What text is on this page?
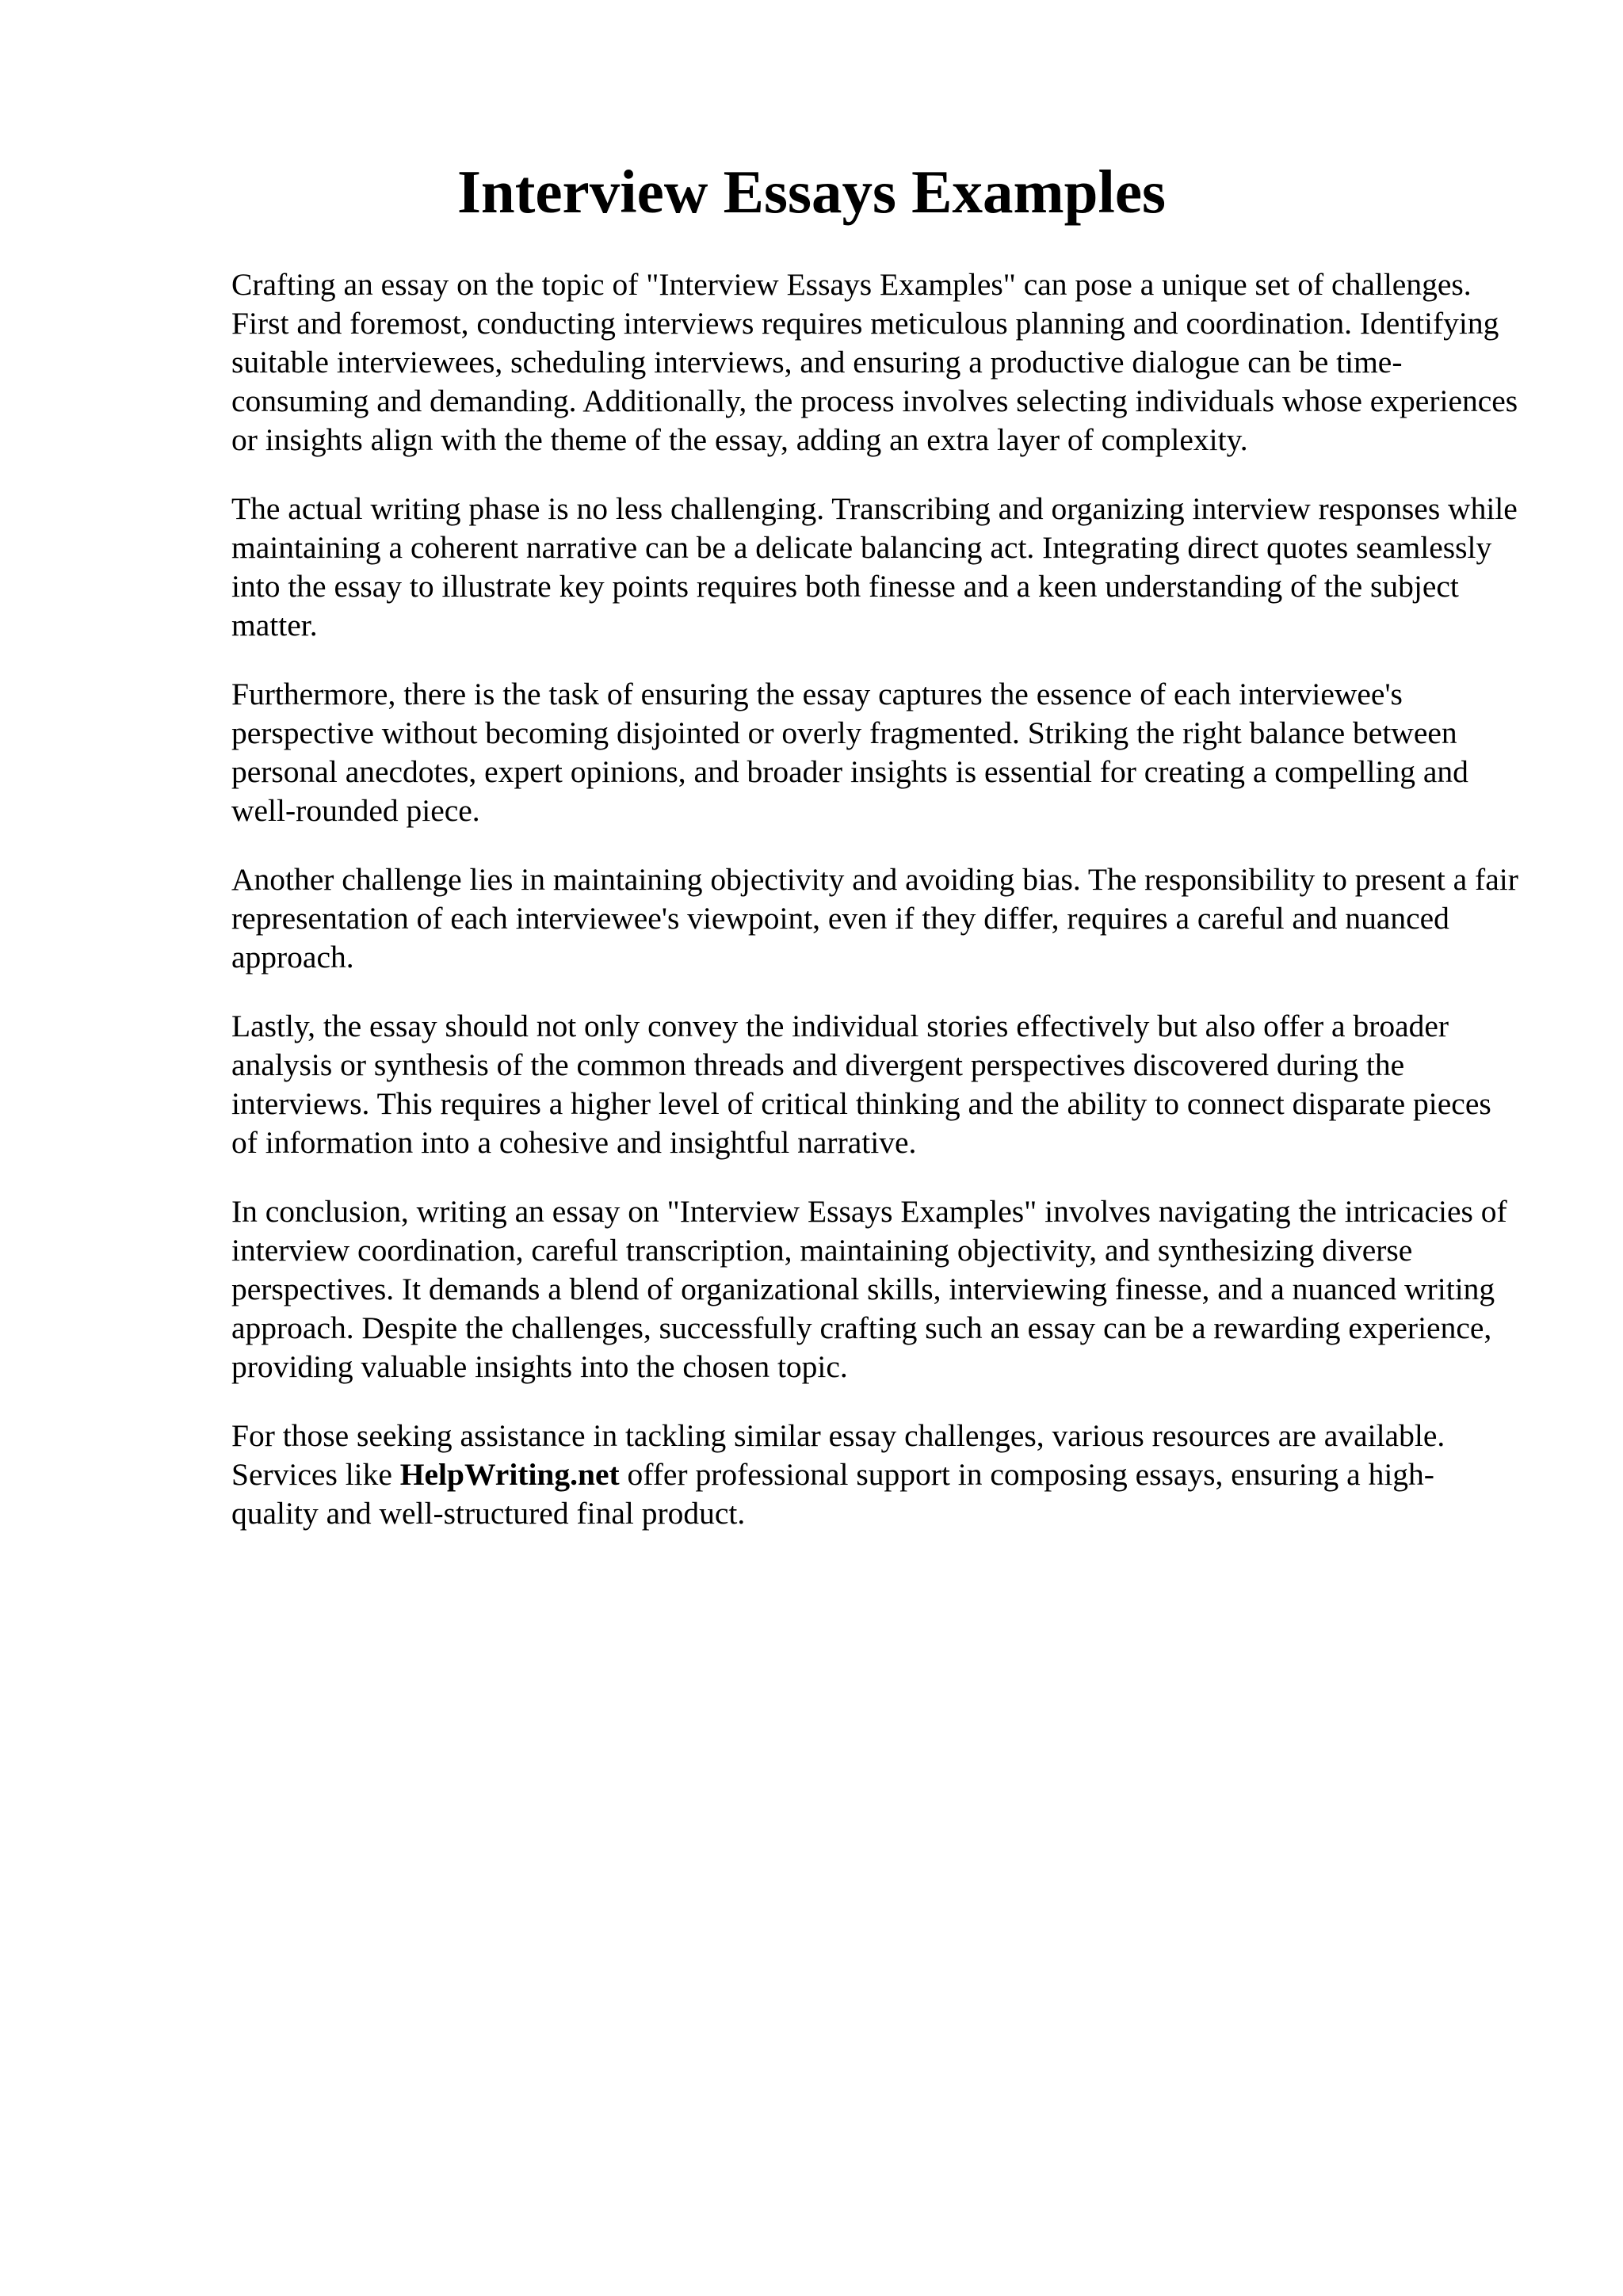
Interview Essays Examples

Crafting an essay on the topic of "Interview Essays Examples" can pose a unique set of challenges. First and foremost, conducting interviews requires meticulous planning and coordination. Identifying suitable interviewees, scheduling interviews, and ensuring a productive dialogue can be time-consuming and demanding. Additionally, the process involves selecting individuals whose experiences or insights align with the theme of the essay, adding an extra layer of complexity.

The actual writing phase is no less challenging. Transcribing and organizing interview responses while maintaining a coherent narrative can be a delicate balancing act. Integrating direct quotes seamlessly into the essay to illustrate key points requires both finesse and a keen understanding of the subject matter.

Furthermore, there is the task of ensuring the essay captures the essence of each interviewee's perspective without becoming disjointed or overly fragmented. Striking the right balance between personal anecdotes, expert opinions, and broader insights is essential for creating a compelling and well-rounded piece.

Another challenge lies in maintaining objectivity and avoiding bias. The responsibility to present a fair representation of each interviewee's viewpoint, even if they differ, requires a careful and nuanced approach.

Lastly, the essay should not only convey the individual stories effectively but also offer a broader analysis or synthesis of the common threads and divergent perspectives discovered during the interviews. This requires a higher level of critical thinking and the ability to connect disparate pieces of information into a cohesive and insightful narrative.

In conclusion, writing an essay on "Interview Essays Examples" involves navigating the intricacies of interview coordination, careful transcription, maintaining objectivity, and synthesizing diverse perspectives. It demands a blend of organizational skills, interviewing finesse, and a nuanced writing approach. Despite the challenges, successfully crafting such an essay can be a rewarding experience, providing valuable insights into the chosen topic.

For those seeking assistance in tackling similar essay challenges, various resources are available. Services like HelpWriting.net offer professional support in composing essays, ensuring a high-quality and well-structured final product.
